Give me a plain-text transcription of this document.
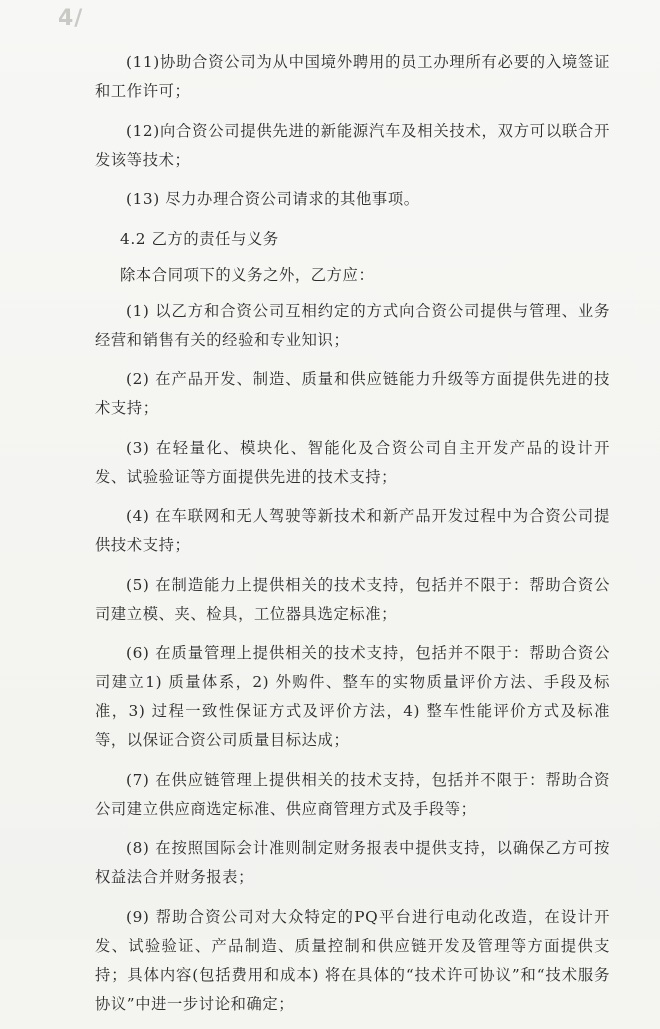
4/

(11)协助合资公司为从中国境外聘用的员工办理所有必要的入境签证和工作许可；

(12)向合资公司提供先进的新能源汽车及相关技术，双方可以联合开发该等技术；

(13) 尽力办理合资公司请求的其他事项。

4.2 乙方的责任与义务

除本合同项下的义务之外，乙方应：

(1) 以乙方和合资公司互相约定的方式向合资公司提供与管理、业务经营和销售有关的经验和专业知识；

(2) 在产品开发、制造、质量和供应链能力升级等方面提供先进的技术支持；

(3) 在轻量化、模块化、智能化及合资公司自主开发产品的设计开发、试验验证等方面提供先进的技术支持；

(4) 在车联网和无人驾驶等新技术和新产品开发过程中为合资公司提供技术支持；

(5) 在制造能力上提供相关的技术支持，包括并不限于：帮助合资公司建立模、夹、检具，工位器具选定标准；

(6) 在质量管理上提供相关的技术支持，包括并不限于：帮助合资公司建立1) 质量体系，2) 外购件、整车的实物质量评价方法、手段及标准，3) 过程一致性保证方式及评价方法，4) 整车性能评价方式及标准等，以保证合资公司质量目标达成；

(7) 在供应链管理上提供相关的技术支持，包括并不限于：帮助合资公司建立供应商选定标准、供应商管理方式及手段等；

(8) 在按照国际会计准则制定财务报表中提供支持，以确保乙方可按权益法合并财务报表；

(9) 帮助合资公司对大众特定的PQ平台进行电动化改造，在设计开发、试验验证、产品制造、质量控制和供应链开发及管理等方面提供支持；具体内容(包括费用和成本) 将在具体的“技术许可协议”和“技术服务协议”中进一步讨论和确定；
